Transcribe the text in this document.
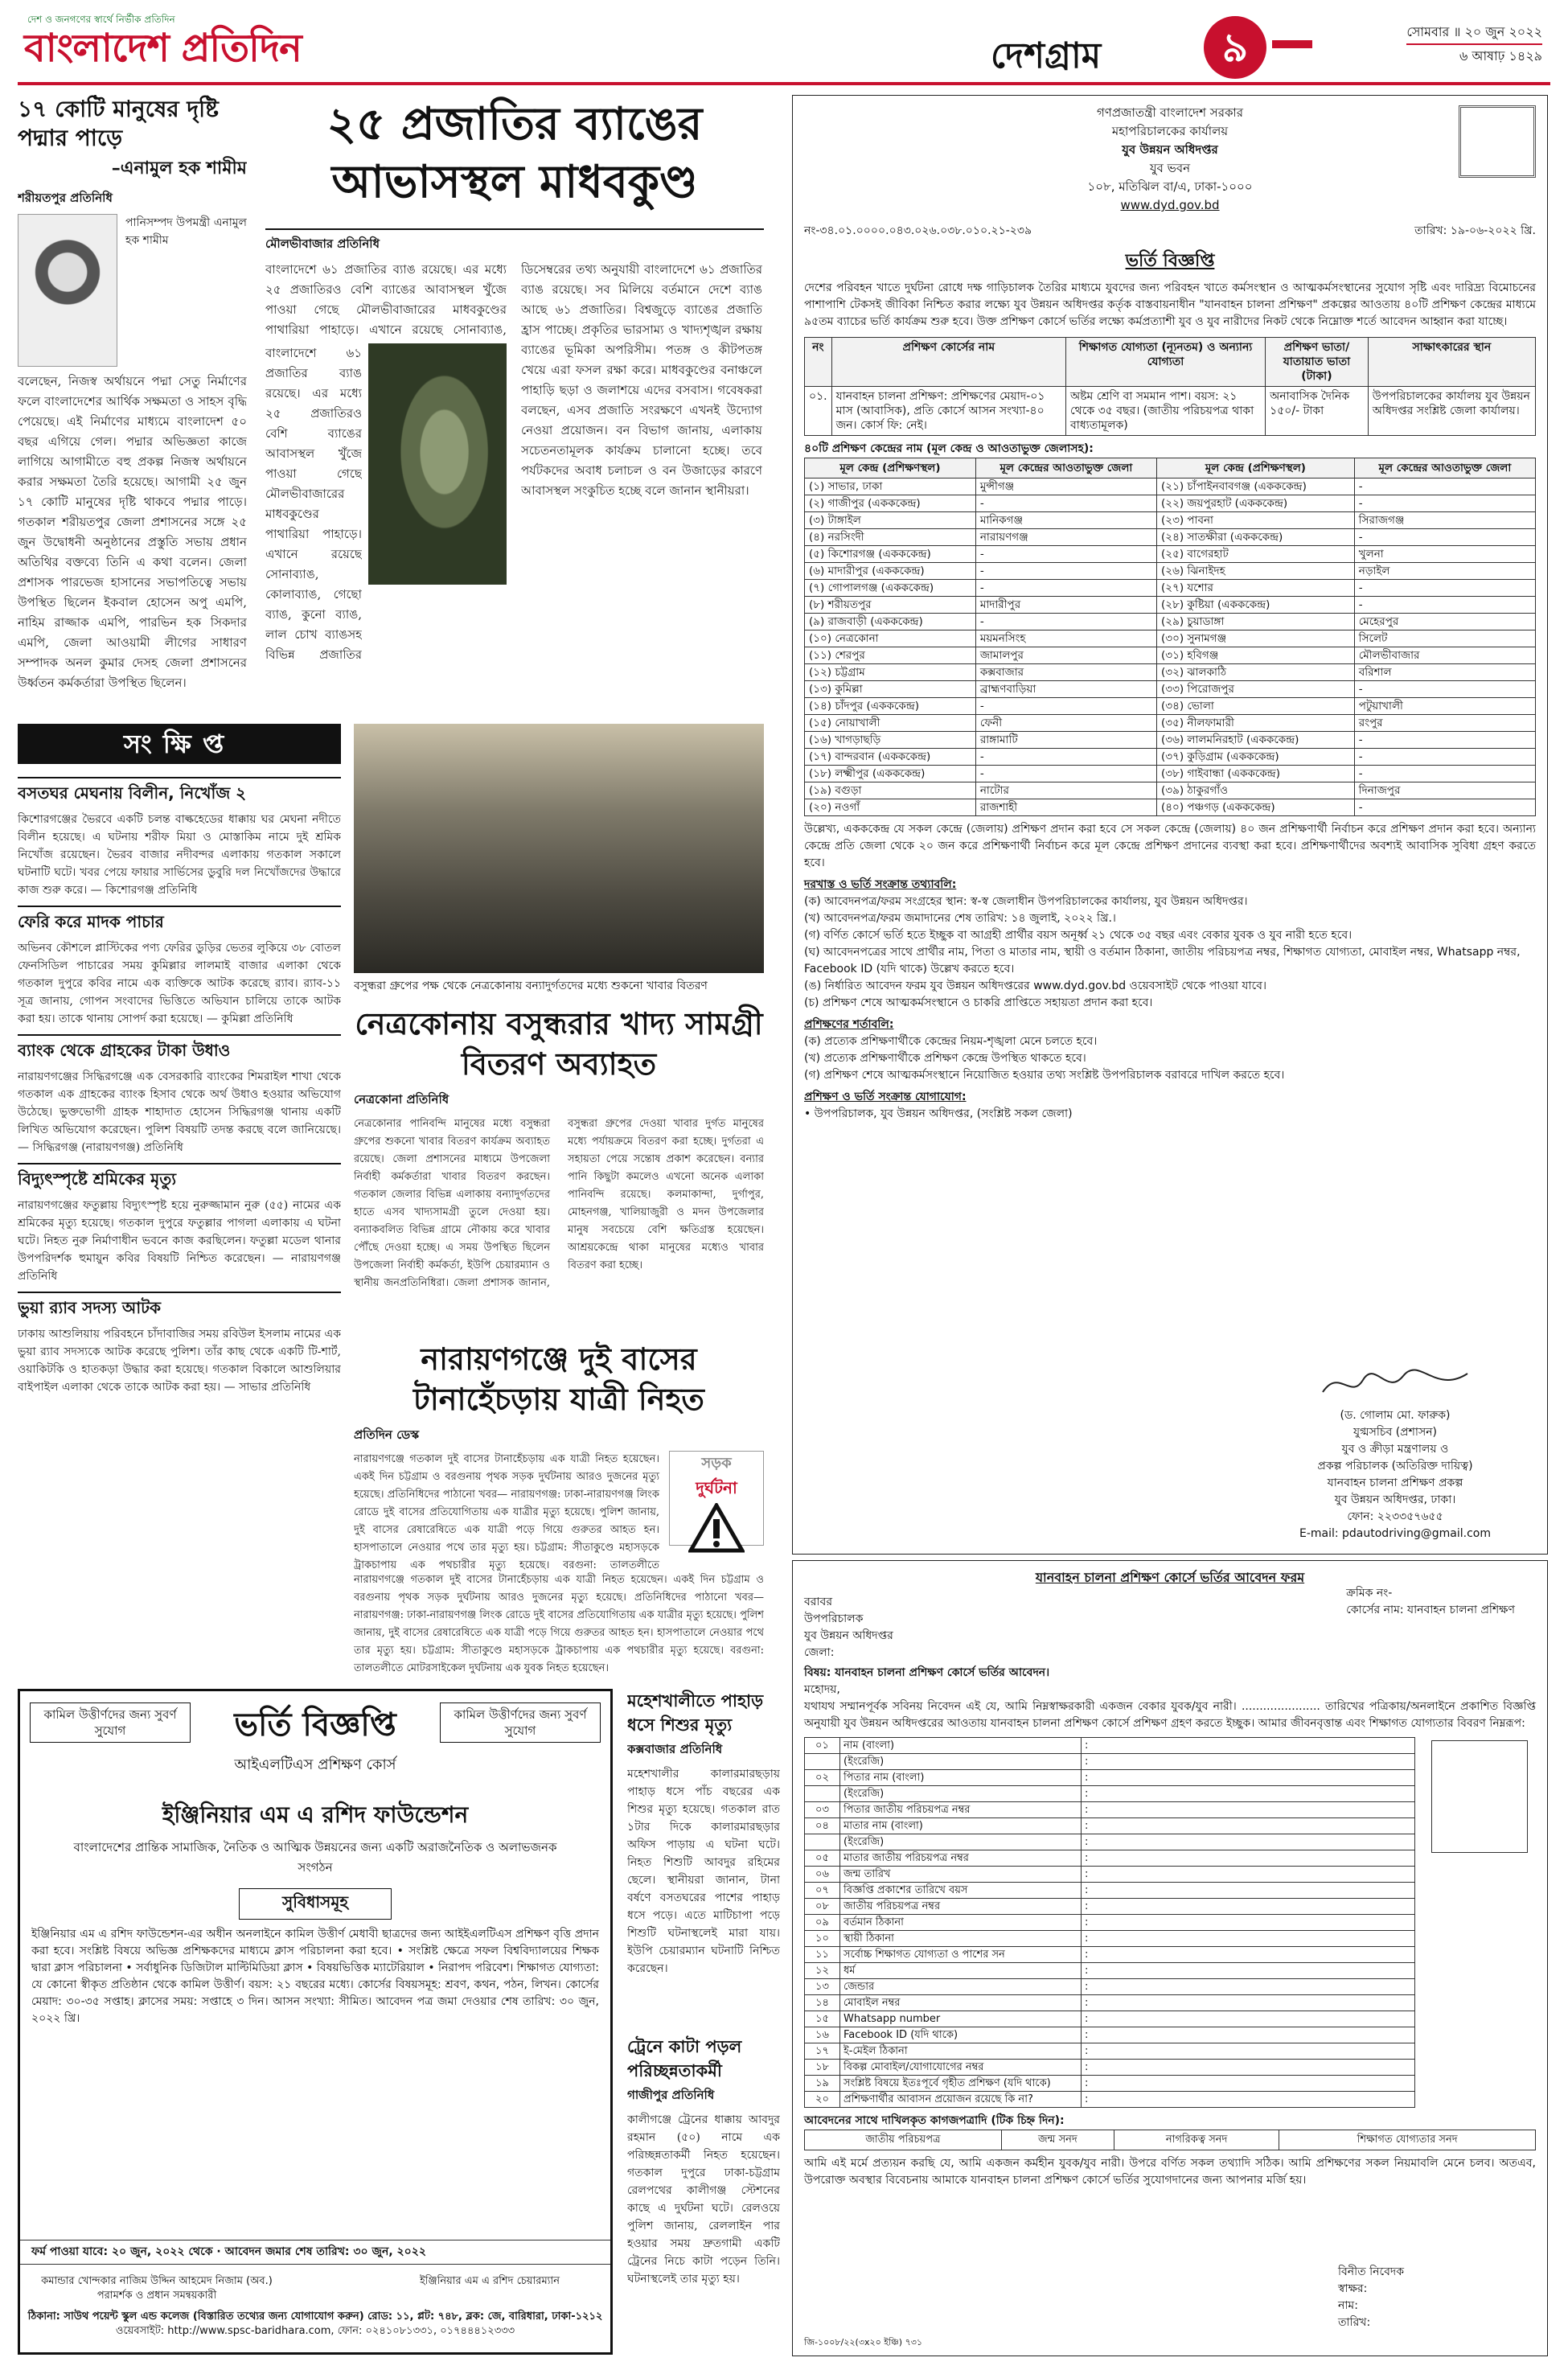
দেশ ও জনগণের স্বার্থে নির্ভীক প্রতিদিন
বাংলাদেশ প্রতিদিন	দেশগ্রাম	৯	সোমবার ॥ ২০ জুন ২০২২
৬ আষাঢ় ১৪২৯
১৭ কোটি মানুষের দৃষ্টি পদ্মার পাড়ে
–এনামুল হক শামীম
শরীয়তপুর প্রতিনিধি
পানিসম্পদ উপমন্ত্রী এনামুল হক শামীম
বলেছেন, নিজস্ব অর্থায়নে পদ্মা সেতু নির্মাণের ফলে বাংলাদেশের আর্থিক সক্ষমতা ও সাহস বৃদ্ধি পেয়েছে। এই নির্মাণের মাধ্যমে বাংলাদেশ ৫০ বছর এগিয়ে গেল। পদ্মার অভিজ্ঞতা কাজে লাগিয়ে আগামীতে বহু প্রকল্প নিজস্ব অর্থায়নে করার সক্ষমতা তৈরি হয়েছে। আগামী ২৫ জুন ১৭ কোটি মানুষের দৃষ্টি থাকবে পদ্মার পাড়ে। গতকাল শরীয়তপুর জেলা প্রশাসনের সঙ্গে ২৫ জুন উদ্বোধনী অনুষ্ঠানের প্রস্তুতি সভায় প্রধান অতিথির বক্তব্যে তিনি এ কথা বলেন। জেলা প্রশাসক পারভেজ হাসানের সভাপতিত্বে সভায় উপস্থিত ছিলেন ইকবাল হোসেন অপু এমপি, নাহিম রাজ্জাক এমপি, পারভিন হক সিকদার এমপি, জেলা আওয়ামী লীগের সাধারণ সম্পাদক অনল কুমার দেসহ জেলা প্রশাসনের উর্ধ্বতন কর্মকর্তারা উপস্থিত ছিলেন।
২৫ প্রজাতির ব্যাঙের আভাসস্থল মাধবকুণ্ড
মৌলভীবাজার প্রতিনিধি
বাংলাদেশে ৬১ প্রজাতির ব্যাঙ রয়েছে। এর মধ্যে ২৫ প্রজাতিরও বেশি ব্যাঙের আবাসস্থল খুঁজে পাওয়া গেছে মৌলভীবাজারের মাধবকুণ্ডের পাথারিয়া পাহাড়ে। এখানে রয়েছে সোনাব্যাঙ,
বাংলাদেশে ৬১ প্রজাতির ব্যাঙ রয়েছে। এর মধ্যে ২৫ প্রজাতিরও বেশি ব্যাঙের আবাসস্থল খুঁজে পাওয়া গেছে মৌলভীবাজারের মাধবকুণ্ডের পাথারিয়া পাহাড়ে। এখানে রয়েছে সোনাব্যাঙ, কোলাব্যাঙ, গেছো ব্যাঙ, কুনো ব্যাঙ, লাল চোখ ব্যাঙসহ বিভিন্ন প্রজাতির
ডিসেম্বরের তথ্য অনুযায়ী বাংলাদেশে ৬১ প্রজাতির ব্যাঙ রয়েছে। সব মিলিয়ে বর্তমানে দেশে ব্যাঙ আছে ৬১ প্রজাতির। বিশ্বজুড়ে ব্যাঙের প্রজাতি হ্রাস পাচ্ছে। প্রকৃতির ভারসাম্য ও খাদ্যশৃঙ্খল রক্ষায় ব্যাঙের ভূমিকা অপরিসীম। পতঙ্গ ও কীটপতঙ্গ খেয়ে এরা ফসল রক্ষা করে। মাধবকুণ্ডের বনাঞ্চলে পাহাড়ি ছড়া ও জলাশয়ে এদের বসবাস। গবেষকরা বলছেন, এসব প্রজাতি সংরক্ষণে এখনই উদ্যোগ নেওয়া প্রয়োজন। বন বিভাগ জানায়, এলাকায় সচেতনতামূলক কার্যক্রম চালানো হচ্ছে। তবে পর্যটকদের অবাধ চলাচল ও বন উজাড়ের কারণে আবাসস্থল সংকুচিত হচ্ছে বলে জানান স্থানীয়রা।
সংক্ষিপ্ত
বসতঘর মেঘনায় বিলীন, নিখোঁজ ২
কিশোরগঞ্জের ভৈরবে একটি চলন্ত বাল্কহেডের ধাক্কায় ঘর মেঘনা নদীতে বিলীন হয়েছে। এ ঘটনায় শরীফ মিয়া ও মোস্তাকিম নামে দুই শ্রমিক নিখোঁজ রয়েছেন। ভৈরব বাজার নদীবন্দর এলাকায় গতকাল সকালে ঘটনাটি ঘটে। খবর পেয়ে ফায়ার সার্ভিসের ডুবুরি দল নিখোঁজদের উদ্ধারে কাজ শুরু করে। — কিশোরগঞ্জ প্রতিনিধি
ফেরি করে মাদক পাচার
অভিনব কৌশলে প্লাস্টিকের পণ্য ফেরির ডুড়ির ভেতর লুকিয়ে ৩৮ বোতল ফেনসিডিল পাচারের সময় কুমিল্লার লালমাই বাজার এলাকা থেকে গতকাল দুপুরে কবির নামে এক ব্যক্তিকে আটক করেছে র‍্যাব। র‍্যাব-১১ সূত্র জানায়, গোপন সংবাদের ভিত্তিতে অভিযান চালিয়ে তাকে আটক করা হয়। তাকে থানায় সোপর্দ করা হয়েছে। — কুমিল্লা প্রতিনিধি
ব্যাংক থেকে গ্রাহকের টাকা উধাও
নারায়ণগঞ্জের সিদ্ধিরগঞ্জে এক বেসরকারি ব্যাংকের শিমরাইল শাখা থেকে গতকাল এক গ্রাহকের ব্যাংক হিসাব থেকে অর্থ উধাও হওয়ার অভিযোগ উঠেছে। ভুক্তভোগী গ্রাহক শাহাদাত হোসেন সিদ্ধিরগঞ্জ থানায় একটি লিখিত অভিযোগ করেছেন। পুলিশ বিষয়টি তদন্ত করছে বলে জানিয়েছে। — সিদ্ধিরগঞ্জ (নারায়ণগঞ্জ) প্রতিনিধি
বিদ্যুৎস্পৃষ্টে শ্রমিকের মৃত্যু
নারায়ণগঞ্জের ফতুল্লায় বিদ্যুৎস্পৃষ্ট হয়ে নুরুজ্জামান নুরু (৫৫) নামের এক শ্রমিকের মৃত্যু হয়েছে। গতকাল দুপুরে ফতুল্লার পাগলা এলাকায় এ ঘটনা ঘটে। নিহত নুরু নির্মাণাধীন ভবনে কাজ করছিলেন। ফতুল্লা মডেল থানার উপপরিদর্শক হুমায়ুন কবির বিষয়টি নিশ্চিত করেছেন। — নারায়ণগঞ্জ প্রতিনিধি
ভুয়া র‍্যাব সদস্য আটক
ঢাকায় আশুলিয়ায় পরিবহনে চাঁদাবাজির সময় রবিউল ইসলাম নামের এক ভুয়া র‍্যাব সদস্যকে আটক করেছে পুলিশ। তাঁর কাছ থেকে একটি টি-শার্ট, ওয়াকিটকি ও হাতকড়া উদ্ধার করা হয়েছে। গতকাল বিকালে আশুলিয়ার বাইপাইল এলাকা থেকে তাকে আটক করা হয়। — সাভার প্রতিনিধি
বসুন্ধরা গ্রুপের পক্ষ থেকে নেত্রকোনায় বন্যাদুর্গতদের মধ্যে শুকনো খাবার বিতরণ
নেত্রকোনায় বসুন্ধরার খাদ্য সামগ্রী বিতরণ অব্যাহত
নেত্রকোনা প্রতিনিধি
নেত্রকোনার পানিবন্দি মানুষের মধ্যে বসুন্ধরা গ্রুপের শুকনো খাবার বিতরণ কার্যক্রম অব্যাহত রয়েছে। জেলা প্রশাসনের মাধ্যমে উপজেলা নির্বাহী কর্মকর্তারা খাবার বিতরণ করছেন। গতকাল জেলার বিভিন্ন এলাকায় বন্যাদুর্গতদের হাতে এসব খাদ্যসামগ্রী তুলে দেওয়া হয়। বন্যাকবলিত বিভিন্ন গ্রামে নৌকায় করে খাবার পৌঁছে দেওয়া হচ্ছে। এ সময় উপস্থিত ছিলেন উপজেলা নির্বাহী কর্মকর্তা, ইউপি চেয়ারম্যান ও স্থানীয় জনপ্রতিনিধিরা। জেলা প্রশাসক জানান, বসুন্ধরা গ্রুপের দেওয়া খাবার দুর্গত মানুষের মধ্যে পর্যায়ক্রমে বিতরণ করা হচ্ছে। দুর্গতরা এ সহায়তা পেয়ে সন্তোষ প্রকাশ করেছেন। বন্যার পানি কিছুটা কমলেও এখনো অনেক এলাকা পানিবন্দি রয়েছে। কলমাকান্দা, দুর্গাপুর, মোহনগঞ্জ, খালিয়াজুরী ও মদন উপজেলার মানুষ সবচেয়ে বেশি ক্ষতিগ্রস্ত হয়েছেন। আশ্রয়কেন্দ্রে থাকা মানুষের মধ্যেও খাবার বিতরণ করা হচ্ছে।
নারায়ণগঞ্জে দুই বাসের টানাহেঁচড়ায় যাত্রী নিহত
প্রতিদিন ডেস্ক
সড়ক
দুর্ঘটনা
নারায়ণগঞ্জে গতকাল দুই বাসের টানাহেঁচড়ায় এক যাত্রী নিহত হয়েছেন। একই দিন চট্টগ্রাম ও বরগুনায় পৃথক সড়ক দুর্ঘটনায় আরও দুজনের মৃত্যু হয়েছে। প্রতিনিধিদের পাঠানো খবর— নারায়ণগঞ্জ: ঢাকা-নারায়ণগঞ্জ লিংক রোডে দুই বাসের প্রতিযোগিতায় এক যাত্রীর মৃত্যু হয়েছে। পুলিশ জানায়, দুই বাসের রেষারেষিতে এক যাত্রী পড়ে গিয়ে গুরুতর আহত হন। হাসপাতালে নেওয়ার পথে তার মৃত্যু হয়। চট্টগ্রাম: সীতাকুণ্ডে মহাসড়কে ট্রাকচাপায় এক পথচারীর মৃত্যু হয়েছে। বরগুনা: তালতলীতে
নারায়ণগঞ্জে গতকাল দুই বাসের টানাহেঁচড়ায় এক যাত্রী নিহত হয়েছেন। একই দিন চট্টগ্রাম ও বরগুনায় পৃথক সড়ক দুর্ঘটনায় আরও দুজনের মৃত্যু হয়েছে। প্রতিনিধিদের পাঠানো খবর— নারায়ণগঞ্জ: ঢাকা-নারায়ণগঞ্জ লিংক রোডে দুই বাসের প্রতিযোগিতায় এক যাত্রীর মৃত্যু হয়েছে। পুলিশ জানায়, দুই বাসের রেষারেষিতে এক যাত্রী পড়ে গিয়ে গুরুতর আহত হন। হাসপাতালে নেওয়ার পথে তার মৃত্যু হয়। চট্টগ্রাম: সীতাকুণ্ডে মহাসড়কে ট্রাকচাপায় এক পথচারীর মৃত্যু হয়েছে। বরগুনা: তালতলীতে মোটরসাইকেল দুর্ঘটনায় এক যুবক নিহত হয়েছেন।
কামিল উত্তীর্ণদের জন্য সুবর্ণ সুযোগ
কামিল উত্তীর্ণদের জন্য সুবর্ণ সুযোগ
ভর্তি বিজ্ঞপ্তি
আইএলটিএস প্রশিক্ষণ কোর্স
ইঞ্জিনিয়ার এম এ রশিদ ফাউন্ডেশন
বাংলাদেশের প্রান্তিক সামাজিক, নৈতিক ও আত্মিক উন্নয়নের জন্য একটি অরাজনৈতিক ও অলাভজনক সংগঠন
সুবিধাসমূহ
ইঞ্জিনিয়ার এম এ রশিদ ফাউন্ডেশন-এর অধীন অনলাইনে কামিল উত্তীর্ণ মেধাবী ছাত্রদের জন্য আইইএলটিএস প্রশিক্ষণ বৃত্তি প্রদান করা হবে। সংশ্লিষ্ট বিষয়ে অভিজ্ঞ প্রশিক্ষকদের মাধ্যমে ক্লাস পরিচালনা করা হবে। • সংশ্লিষ্ট ক্ষেত্রে সফল বিশ্ববিদ্যালয়ের শিক্ষক দ্বারা ক্লাস পরিচালনা • সর্বাধুনিক ডিজিটাল মাল্টিমিডিয়া ক্লাস • বিষয়ভিত্তিক ম্যাটেরিয়াল • নিরাপদ পরিবেশ। শিক্ষাগত যোগ্যতা: যে কোনো স্বীকৃত প্রতিষ্ঠান থেকে কামিল উত্তীর্ণ। বয়স: ২১ বছরের মধ্যে। কোর্সের বিষয়সমূহ: শ্রবণ, কথন, পঠন, লিখন। কোর্সের মেয়াদ: ৩০-৩৫ সপ্তাহ। ক্লাসের সময়: সপ্তাহে ৩ দিন। আসন সংখ্যা: সীমিত। আবেদন পত্র জমা দেওয়ার শেষ তারিখ: ৩০ জুন, ২০২২ খ্রি।
ফর্ম পাওয়া যাবে: ২০ জুন, ২০২২ থেকে · আবেদন জমার শেষ তারিখ: ৩০ জুন, ২০২২
কমান্ডার খোন্দকার নাজিম উদ্দিন আহমেদ নিজাম (অব.) পরামর্শক ও প্রধান সমন্বয়কারী
ইঞ্জিনিয়ার এম এ রশিদ চেয়ারম্যান
ঠিকানা: সাউথ পয়েন্ট স্কুল এন্ড কলেজ (বিস্তারিত তথ্যের জন্য যোগাযোগ করুন) রোড: ১১, প্লট: ৭৪৮, ব্লক: জে, বারিধারা, ঢাকা-১২১২
ওয়েবসাইট: http://www.spsc-baridhara.com, ফোন: ০২৪১০৮১৩৩১, ০১৭৪৪৪১২৩৩৩
মহেশখালীতে পাহাড় ধসে শিশুর মৃত্যু
কক্সবাজার প্রতিনিধি
মহেশখালীর কালারমারছড়ায় পাহাড় ধসে পাঁচ বছরের এক শিশুর মৃত্যু হয়েছে। গতকাল রাত ১টার দিকে কালারমারছড়ার অফিস পাড়ায় এ ঘটনা ঘটে। নিহত শিশুটি আবদুর রহিমের ছেলে। স্থানীয়রা জানান, টানা বর্ষণে বসতঘরের পাশের পাহাড় ধসে পড়ে। এতে মাটিচাপা পড়ে শিশুটি ঘটনাস্থলেই মারা যায়। ইউপি চেয়ারম্যান ঘটনাটি নিশ্চিত করেছেন।
ট্রেনে কাটা পড়ল পরিচ্ছন্নতাকর্মী
গাজীপুর প্রতিনিধি
কালীগঞ্জে ট্রেনের ধাক্কায় আবদুর রহমান (৫০) নামে এক পরিচ্ছন্নতাকর্মী নিহত হয়েছেন। গতকাল দুপুরে ঢাকা-চট্টগ্রাম রেলপথের কালীগঞ্জ স্টেশনের কাছে এ দুর্ঘটনা ঘটে। রেলওয়ে পুলিশ জানায়, রেললাইন পার হওয়ার সময় দ্রুতগামী একটি ট্রেনের নিচে কাটা পড়েন তিনি। ঘটনাস্থলেই তার মৃত্যু হয়।
গণপ্রজাতন্ত্রী বাংলাদেশ সরকার
মহাপরিচালকের কার্যালয়
যুব উন্নয়ন অধিদপ্তর
যুব ভবন
১০৮, মতিঝিল বা/এ, ঢাকা-১০০০
www.dyd.gov.bd
নং-৩৪.০১.০০০০.০৪৩.০২৬.০৩৮.০১০.২১-২৩৯	তারিখ: ১৯-০৬-২০২২ খ্রি.
ভর্তি বিজ্ঞপ্তি
দেশের পরিবহন খাতে দুর্ঘটনা রোধে দক্ষ গাড়িচালক তৈরির মাধ্যমে যুবদের জন্য পরিবহন খাতে কর্মসংস্থান ও আত্মকর্মসংস্থানের সুযোগ সৃষ্টি এবং দারিদ্র্য বিমোচনের পাশাপাশি টেকসই জীবিকা নিশ্চিত করার লক্ষ্যে যুব উন্নয়ন অধিদপ্তর কর্তৃক বাস্তবায়নাধীন "যানবাহন চালনা প্রশিক্ষণ" প্রকল্পের আওতায় ৪০টি প্রশিক্ষণ কেন্দ্রের মাধ্যমে ৯৫তম ব্যাচের ভর্তি কার্যক্রম শুরু হবে। উক্ত প্রশিক্ষণ কোর্সে ভর্তির লক্ষ্যে কর্মপ্রত্যাশী যুব ও যুব নারীদের নিকট থেকে নিম্নোক্ত শর্তে আবেদন আহ্বান করা যাচ্ছে।
নং	প্রশিক্ষণ কোর্সের নাম	শিক্ষাগত যোগ্যতা (ন্যূনতম) ও অন্যান্য যোগ্যতা	প্রশিক্ষণ ভাতা/ যাতায়াত ভাতা (টাকা)	সাক্ষাৎকারের স্থান
০১.	যানবাহন চালনা প্রশিক্ষণ: প্রশিক্ষণের মেয়াদ-০১ মাস (আবাসিক), প্রতি কোর্সে আসন সংখ্যা-৪০ জন। কোর্স ফি: নেই।	অষ্টম শ্রেণি বা সমমান পাশ। বয়স: ২১ থেকে ৩৫ বছর। (জাতীয় পরিচয়পত্র থাকা বাধ্যতামূলক)	অনাবাসিক দৈনিক ১৫০/- টাকা	উপপরিচালকের কার্যালয় যুব উন্নয়ন অধিদপ্তর সংশ্লিষ্ট জেলা কার্যালয়।
৪০টি প্রশিক্ষণ কেন্দ্রের নাম (মূল কেন্দ্র ও আওতাভুক্ত জেলাসহ):
মূল কেন্দ্র (প্রশিক্ষণস্থল)	মূল কেন্দ্রের আওতাভুক্ত জেলা	মূল কেন্দ্র (প্রশিক্ষণস্থল)	মূল কেন্দ্রের আওতাভুক্ত জেলা
(১) সাভার, ঢাকা	মুন্সীগঞ্জ	(২১) চাঁপাইনবাবগঞ্জ (একককেন্দ্র)	-
(২) গাজীপুর (একককেন্দ্র)	-	(২২) জয়পুরহাট (একককেন্দ্র)	-
(৩) টাঙ্গাইল	মানিকগঞ্জ	(২৩) পাবনা	সিরাজগঞ্জ
(৪) নরসিংদী	নারায়ণগঞ্জ	(২৪) সাতক্ষীরা (একককেন্দ্র)	-
(৫) কিশোরগঞ্জ (একককেন্দ্র)	-	(২৫) বাগেরহাট	খুলনা
(৬) মাদারীপুর (একককেন্দ্র)	-	(২৬) ঝিনাইদহ	নড়াইল
(৭) গোপালগঞ্জ (একককেন্দ্র)	-	(২৭) যশোর	-
(৮) শরীয়তপুর	মাদারীপুর	(২৮) কুষ্টিয়া (একককেন্দ্র)	-
(৯) রাজবাড়ী (একককেন্দ্র)	-	(২৯) চুয়াডাঙ্গা	মেহেরপুর
(১০) নেত্রকোনা	ময়মনসিংহ	(৩০) সুনামগঞ্জ	সিলেট
(১১) শেরপুর	জামালপুর	(৩১) হবিগঞ্জ	মৌলভীবাজার
(১২) চট্টগ্রাম	কক্সবাজার	(৩২) ঝালকাঠি	বরিশাল
(১৩) কুমিল্লা	ব্রাহ্মণবাড়িয়া	(৩৩) পিরোজপুর	-
(১৪) চাঁদপুর (একককেন্দ্র)	-	(৩৪) ভোলা	পটুয়াখালী
(১৫) নোয়াখালী	ফেনী	(৩৫) নীলফামারী	রংপুর
(১৬) খাগড়াছড়ি	রাঙ্গামাটি	(৩৬) লালমনিরহাট (একককেন্দ্র)	-
(১৭) বান্দরবান (একককেন্দ্র)	-	(৩৭) কুড়িগ্রাম (একককেন্দ্র)	-
(১৮) লক্ষ্মীপুর (একককেন্দ্র)	-	(৩৮) গাইবান্ধা (একককেন্দ্র)	-
(১৯) বগুড়া	নাটোর	(৩৯) ঠাকুরগাঁও	দিনাজপুর
(২০) নওগাঁ	রাজশাহী	(৪০) পঞ্চগড় (একককেন্দ্র)	-
উল্লেখ্য, একককেন্দ্র যে সকল কেন্দ্রে (জেলায়) প্রশিক্ষণ প্রদান করা হবে সে সকল কেন্দ্রে (জেলায়) ৪০ জন প্রশিক্ষণার্থী নির্বাচন করে প্রশিক্ষণ প্রদান করা হবে। অন্যান্য কেন্দ্রে প্রতি জেলা থেকে ২০ জন করে প্রশিক্ষণার্থী নির্বাচন করে মূল কেন্দ্রে প্রশিক্ষণ প্রদানের ব্যবস্থা করা হবে। প্রশিক্ষণার্থীদের অবশ্যই আবাসিক সুবিধা গ্রহণ করতে হবে।
দরখাস্ত ও ভর্তি সংক্রান্ত তথ্যাবলি:
(ক) আবেদনপত্র/ফরম সংগ্রহের স্থান: স্ব-স্ব জেলাধীন উপপরিচালকের কার্যালয়, যুব উন্নয়ন অধিদপ্তর।
(খ) আবেদনপত্র/ফরম জমাদানের শেষ তারিখ: ১৪ জুলাই, ২০২২ খ্রি.।
(গ) বর্ণিত কোর্সে ভর্তি হতে ইচ্ছুক বা আগ্রহী প্রার্থীর বয়স অনূর্ধ্ব ২১ থেকে ৩৫ বছর এবং বেকার যুবক ও যুব নারী হতে হবে।
(ঘ) আবেদনপত্রের সাথে প্রার্থীর নাম, পিতা ও মাতার নাম, স্থায়ী ও বর্তমান ঠিকানা, জাতীয় পরিচয়পত্র নম্বর, শিক্ষাগত যোগ্যতা, মোবাইল নম্বর, Whatsapp নম্বর, Facebook ID (যদি থাকে) উল্লেখ করতে হবে।
(ঙ) নির্ধারিত আবেদন ফরম যুব উন্নয়ন অধিদপ্তরের www.dyd.gov.bd ওয়েবসাইট থেকে পাওয়া যাবে।
(চ) প্রশিক্ষণ শেষে আত্মকর্মসংস্থানে ও চাকরি প্রাপ্তিতে সহায়তা প্রদান করা হবে।
প্রশিক্ষণের শর্তাবলি:
(ক) প্রত্যেক প্রশিক্ষণার্থীকে কেন্দ্রের নিয়ম-শৃঙ্খলা মেনে চলতে হবে।
(খ) প্রত্যেক প্রশিক্ষণার্থীকে প্রশিক্ষণ কেন্দ্রে উপস্থিত থাকতে হবে।
(গ) প্রশিক্ষণ শেষে আত্মকর্মসংস্থানে নিয়োজিত হওয়ার তথ্য সংশ্লিষ্ট উপপরিচালক বরাবরে দাখিল করতে হবে।
প্রশিক্ষণ ও ভর্তি সংক্রান্ত যোগাযোগ:
• উপপরিচালক, যুব উন্নয়ন অধিদপ্তর, (সংশ্লিষ্ট সকল জেলা)
(ড. গোলাম মো. ফারুক)
যুগ্মসচিব (প্রশাসন)
যুব ও ক্রীড়া মন্ত্রণালয় ও
প্রকল্প পরিচালক (অতিরিক্ত দায়িত্ব)
যানবাহন চালনা প্রশিক্ষণ প্রকল্প
যুব উন্নয়ন অধিদপ্তর, ঢাকা।
ফোন: ২২৩৩৫৭৬৫৫
E-mail: pdautodriving@gmail.com
যানবাহন চালনা প্রশিক্ষণ কোর্সে ভর্তির আবেদন ফরম
ক্রমিক নং-
কোর্সের নাম: যানবাহন চালনা প্রশিক্ষণ
বরাবর
উপপরিচালক
যুব উন্নয়ন অধিদপ্তর
জেলা:
বিষয়: যানবাহন চালনা প্রশিক্ষণ কোর্সে ভর্তির আবেদন।
মহোদয়,
যথাযথ সম্মানপূর্বক সবিনয় নিবেদন এই যে, আমি নিম্নস্বাক্ষরকারী একজন বেকার যুবক/যুব নারী। ...................... তারিখের পত্রিকায়/অনলাইনে প্রকাশিত বিজ্ঞপ্তি অনুযায়ী যুব উন্নয়ন অধিদপ্তরের আওতায় যানবাহন চালনা প্রশিক্ষণ কোর্সে প্রশিক্ষণ গ্রহণ করতে ইচ্ছুক। আমার জীবনবৃত্তান্ত এবং শিক্ষাগত যোগ্যতার বিবরণ নিম্নরূপ:
০১	নাম (বাংলা)	:
	(ইংরেজি)	:
০২	পিতার নাম (বাংলা)	:
	(ইংরেজি)	:
০৩	পিতার জাতীয় পরিচয়পত্র নম্বর	:
০৪	মাতার নাম (বাংলা)	:
	(ইংরেজি)	:
০৫	মাতার জাতীয় পরিচয়পত্র নম্বর	:
০৬	জন্ম তারিখ	:
০৭	বিজ্ঞপ্তি প্রকাশের তারিখে বয়স	:
০৮	জাতীয় পরিচয়পত্র নম্বর	:
০৯	বর্তমান ঠিকানা	:
১০	স্থায়ী ঠিকানা	:
১১	সর্বোচ্চ শিক্ষাগত যোগ্যতা ও পাশের সন	:
১২	ধর্ম	:
১৩	জেন্ডার	:
১৪	মোবাইল নম্বর	:
১৫	Whatsapp number	:
১৬	Facebook ID (যদি থাকে)	:
১৭	ই-মেইল ঠিকানা	:
১৮	বিকল্প মোবাইল/যোগাযোগের নম্বর	:
১৯	সংশ্লিষ্ট বিষয়ে ইতঃপূর্বে গৃহীত প্রশিক্ষণ (যদি থাকে)	:
২০	প্রশিক্ষণার্থীর আবাসন প্রয়োজন রয়েছে কি না?	:
আবেদনের সাথে দাখিলকৃত কাগজপত্রাদি (টিক চিহ্ন দিন):
জাতীয় পরিচয়পত্র	জন্ম সনদ	নাগরিকত্ব সনদ	শিক্ষাগত যোগ্যতার সনদ
আমি এই মর্মে প্রত্যয়ন করছি যে, আমি একজন কর্মহীন যুবক/যুব নারী। উপরে বর্ণিত সকল তথ্যাদি সঠিক। আমি প্রশিক্ষণের সকল নিয়মাবলি মেনে চলব। অতএব, উপরোক্ত অবস্থার বিবেচনায় আমাকে যানবাহন চালনা প্রশিক্ষণ কোর্সে ভর্তির সুযোগদানের জন্য আপনার মর্জি হয়।
বিনীত নিবেদক
স্বাক্ষর:
নাম:
তারিখ:
জি-১০০৮/২২(৩x২০ ইঞ্চি) ৭৩১
